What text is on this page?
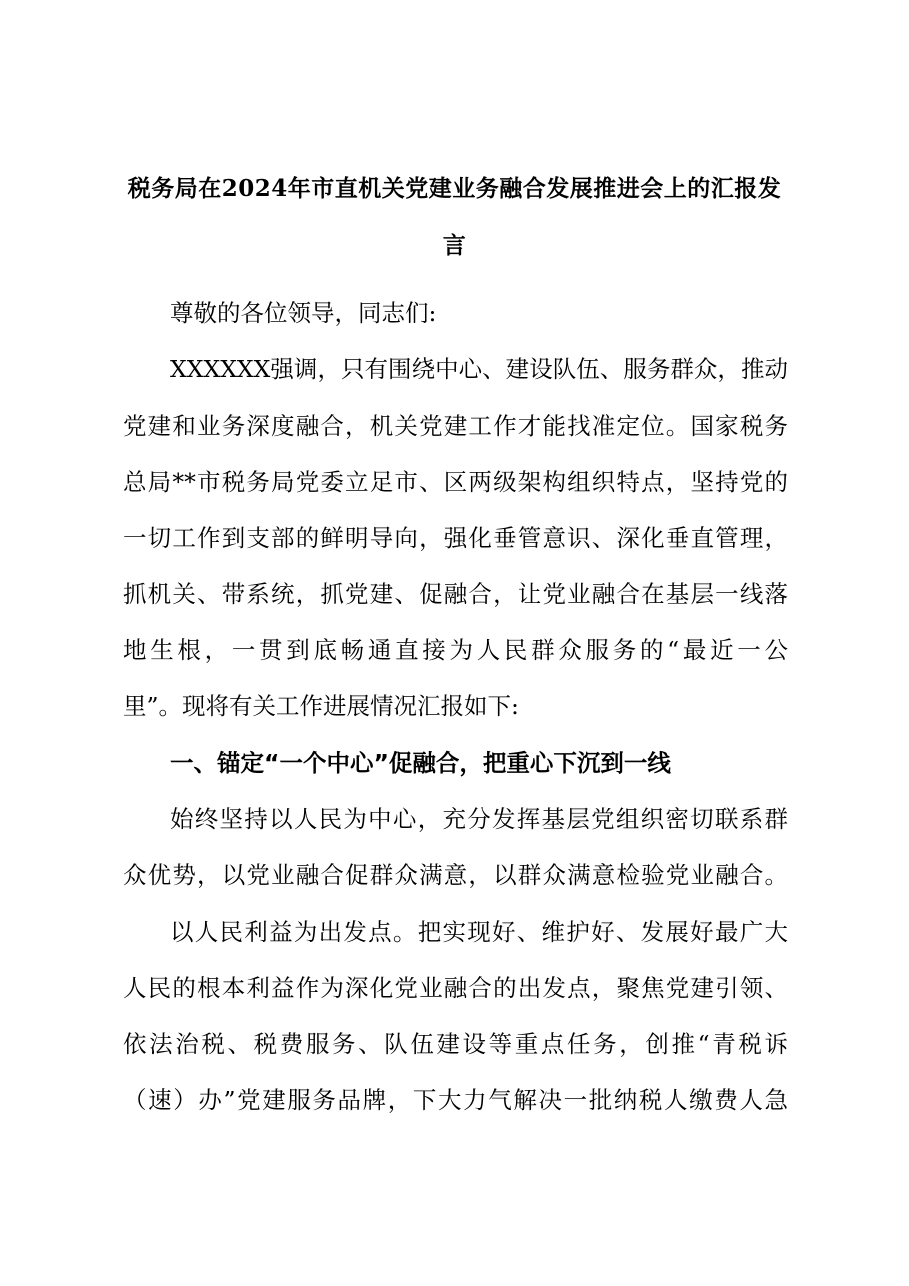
税务局在2024年市直机关党建业务融合发展推进会上的汇报发
言
尊敬的各位领导，同志们:
XXXXXX强调，只有围绕中心、建设队伍、服务群众，推动
党建和业务深度融合，机关党建工作才能找准定位。国家税务
总局**市税务局党委立足市、区两级架构组织特点，坚持党的
一切工作到支部的鲜明导向，强化垂管意识、深化垂直管理，
抓机关、带系统，抓党建、促融合，让党业融合在基层一线落
地生根，一贯到底畅通直接为人民群众服务的“最近一公
里”。现将有关工作进展情况汇报如下:
一、锚定“一个中心”促融合，把重心下沉到一线
始终坚持以人民为中心，充分发挥基层党组织密切联系群
众优势，以党业融合促群众满意，以群众满意检验党业融合。
以人民利益为出发点。把实现好、维护好、发展好最广大
人民的根本利益作为深化党业融合的出发点，聚焦党建引领、
依法治税、税费服务、队伍建设等重点任务，创推“青税诉
（速）办”党建服务品牌，下大力气解决一批纳税人缴费人急
